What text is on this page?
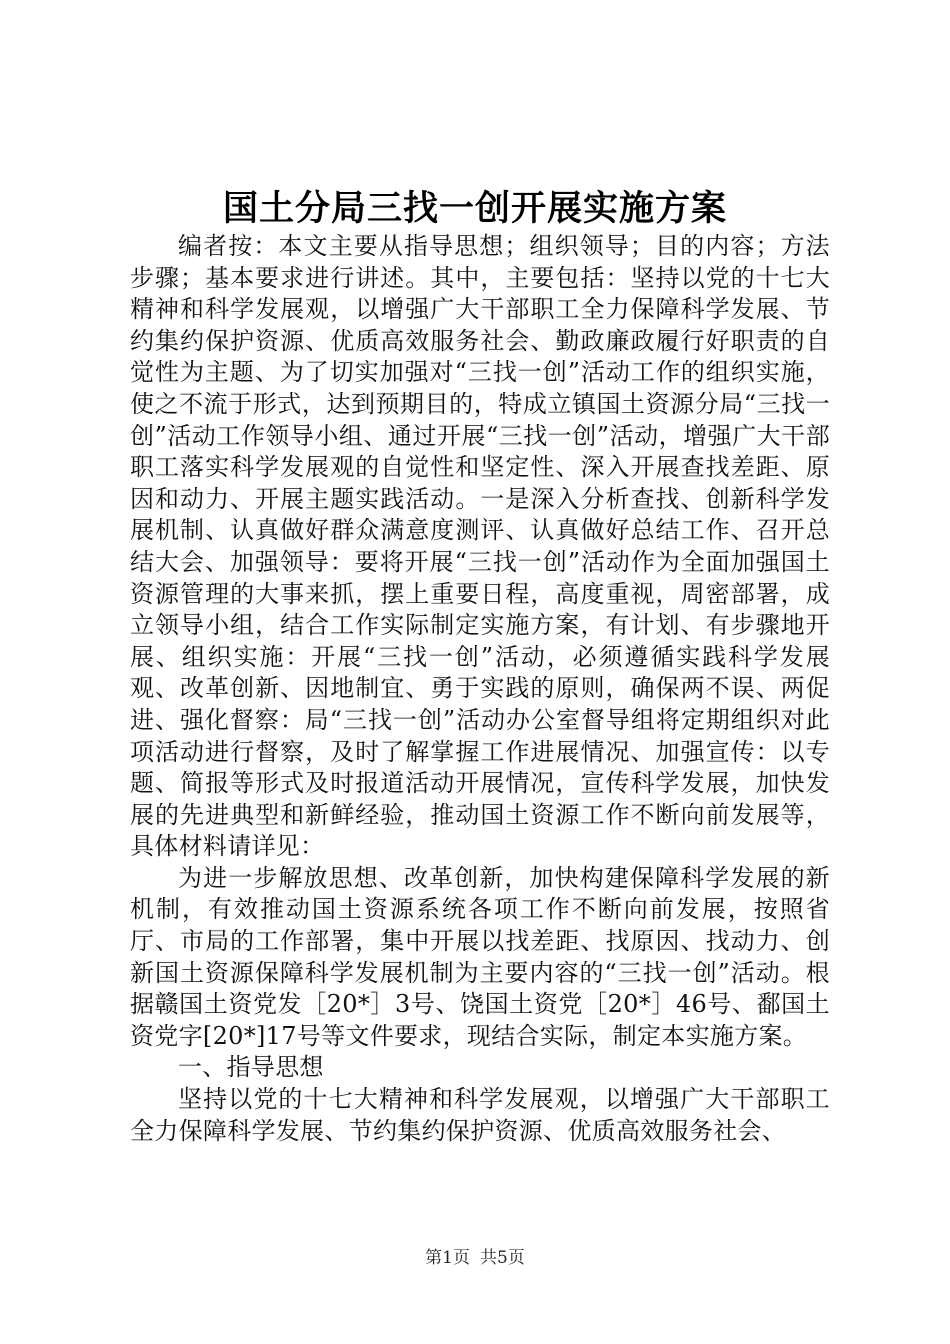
国土分局三找一创开展实施方案

编者按：本文主要从指导思想；组织领导；目的内容；方法步骤；基本要求进行讲述。其中，主要包括：坚持以党的十七大精神和科学发展观，以增强广大干部职工全力保障科学发展、节约集约保护资源、优质高效服务社会、勤政廉政履行好职责的自觉性为主题、为了切实加强对“三找一创”活动工作的组织实施，使之不流于形式，达到预期目的，特成立镇国土资源分局“三找一创”活动工作领导小组、通过开展“三找一创”活动，增强广大干部职工落实科学发展观的自觉性和坚定性、深入开展查找差距、原因和动力、开展主题实践活动。一是深入分析查找、创新科学发展机制、认真做好群众满意度测评、认真做好总结工作、召开总结大会、加强领导：要将开展“三找一创”活动作为全面加强国土资源管理的大事来抓，摆上重要日程，高度重视，周密部署，成立领导小组，结合工作实际制定实施方案，有计划、有步骤地开展、组织实施：开展“三找一创”活动，必须遵循实践科学发展观、改革创新、因地制宜、勇于实践的原则，确保两不误、两促进、强化督察：局“三找一创”活动办公室督导组将定期组织对此项活动进行督察，及时了解掌握工作进展情况、加强宣传：以专题、简报等形式及时报道活动开展情况，宣传科学发展，加快发展的先进典型和新鲜经验，推动国土资源工作不断向前发展等，具体材料请详见：

为进一步解放思想、改革创新，加快构建保障科学发展的新机制，有效推动国土资源系统各项工作不断向前发展，按照省厅、市局的工作部署，集中开展以找差距、找原因、找动力、创新国土资源保障科学发展机制为主要内容的“三找一创”活动。根据赣国土资党发［20*］3号、饶国土资党［20*］46号、鄱国土资党字[20*]17号等文件要求，现结合实际，制定本实施方案。

一、指导思想

坚持以党的十七大精神和科学发展观，以增强广大干部职工全力保障科学发展、节约集约保护资源、优质高效服务社会、

第1页 共5页
